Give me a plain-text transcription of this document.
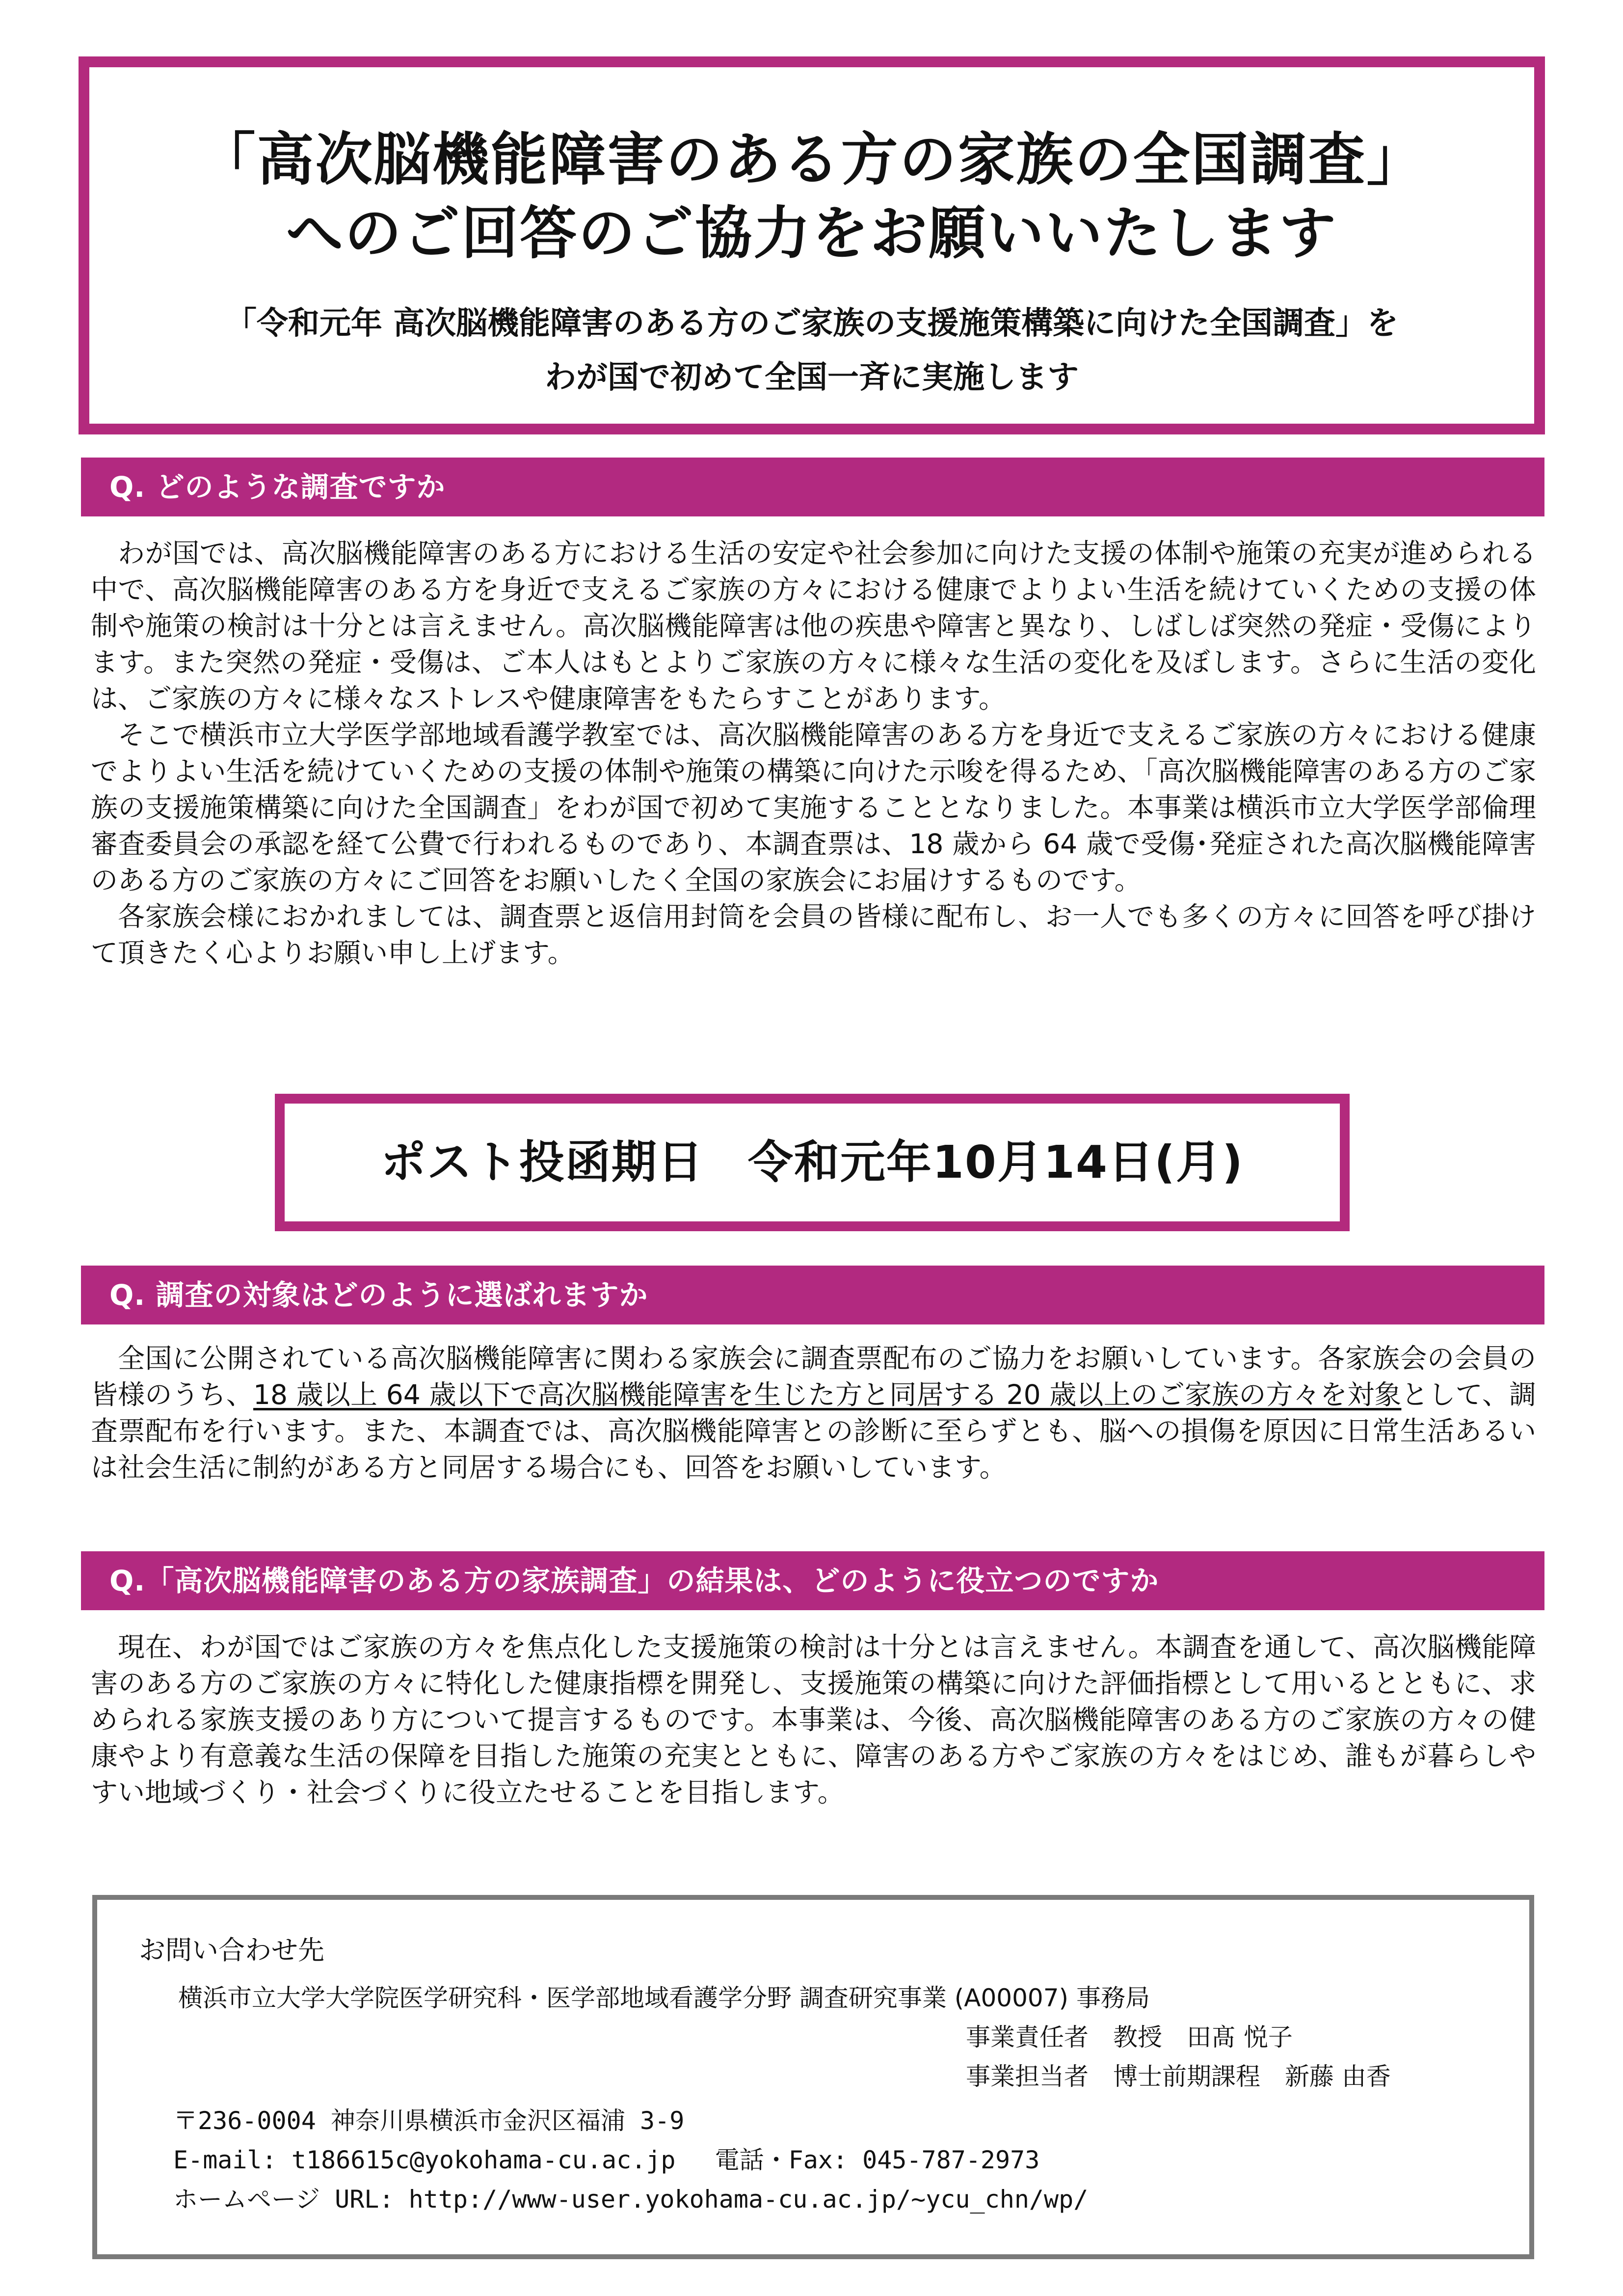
「高次脳機能障害のある方の家族の全国調査」
へのご回答のご協力をお願いいたします
「令和元年 高次脳機能障害のある方のご家族の支援施策構築に向けた全国調査」を
わが国で初めて全国一斉に実施します
Q. どのような調査ですか

わが国では、高次脳機能障害のある方における生活の安定や社会参加に向けた支援の体制や施策の充実が進められる中で、高次脳機能障害のある方を身近で支えるご家族の方々における健康でよりよい生活を続けていくための支援の体制や施策の検討は十分とは言えません。高次脳機能障害は他の疾患や障害と異なり、しばしば突然の発症・受傷によります。また突然の発症・受傷は、ご本人はもとよりご家族の方々に様々な生活の変化を及ぼします。さらに生活の変化は、ご家族の方々に様々なストレスや健康障害をもたらすことがあります。

そこで横浜市立大学医学部地域看護学教室では、高次脳機能障害のある方を身近で支えるご家族の方々における健康でよりよい生活を続けていくための支援の体制や施策の構築に向けた示唆を得るため、「高次脳機能障害のある方のご家族の支援施策構築に向けた全国調査」をわが国で初めて実施することとなりました。本事業は横浜市立大学医学部倫理審査委員会の承認を経て公費で行われるものであり、本調査票は、18 歳から 64 歳で受傷･発症された高次脳機能障害のある方のご家族の方々にご回答をお願いしたく全国の家族会にお届けするものです。

各家族会様におかれましては、調査票と返信用封筒を会員の皆様に配布し、お一人でも多くの方々に回答を呼び掛けて頂きたく心よりお願い申し上げます。

ポスト投函期日 令和元年10月14日(月)
Q. 調査の対象はどのように選ばれますか

全国に公開されている高次脳機能障害に関わる家族会に調査票配布のご協力をお願いしています。各家族会の会員の皆様のうち、18 歳以上 64 歳以下で高次脳機能障害を生じた方と同居する 20 歳以上のご家族の方々を対象として、調査票配布を行います。また、本調査では、高次脳機能障害との診断に至らずとも、脳への損傷を原因に日常生活あるいは社会生活に制約がある方と同居する場合にも、回答をお願いしています。

Q.「高次脳機能障害のある方の家族調査」の結果は、どのように役立つのですか

現在、わが国ではご家族の方々を焦点化した支援施策の検討は十分とは言えません。本調査を通して、高次脳機能障害のある方のご家族の方々に特化した健康指標を開発し、支援施策の構築に向けた評価指標として用いるとともに、求められる家族支援のあり方について提言するものです。本事業は、今後、高次脳機能障害のある方のご家族の方々の健康やより有意義な生活の保障を目指した施策の充実とともに、障害のある方やご家族の方々をはじめ、誰もが暮らしやすい地域づくり・社会づくりに役立たせることを目指します。

お問い合わせ先
横浜市立大学大学院医学研究科・医学部地域看護学分野 調査研究事業 (A00007) 事務局
事業責任者　教授　田髙 悦子
事業担当者　博士前期課程　新藤 由香
〒236-0004 神奈川県横浜市金沢区福浦 3-9
E-mail: t186615c@yokohama-cu.ac.jp　 電話・Fax: 045-787-2973
ホームページ URL: http://www-user.yokohama-cu.ac.jp/~ycu_chn/wp/
